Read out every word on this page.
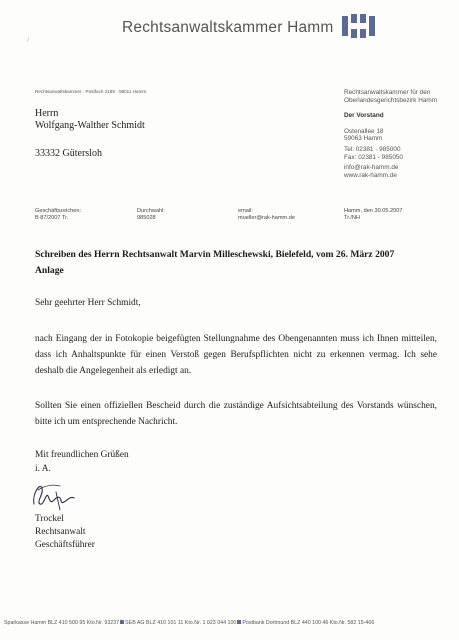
Rechtsanwaltskammer Hamm
/
Rechtsanwaltskammer · Postfach 2189 · 59011 Hamm
Herrn
Wolfgang-Walther Schmidt
33332 Gütersloh
Rechtsanwaltskammer für den
Oberlandesgerichtsbezirk Hamm
Der Vorstand
Ostenallee 18
59063 Hamm
Tel: 02381 - 985000
Fax: 02381 - 985050
info@rak-hamm.de
www.rak-hamm.de
Geschäftszeichen:
B 87/2007 Tr.
Durchwahl:
985028
email:
mueller@rak-hamm.de
Hamm, den 30.05.2007
Tr./NH
Schreiben des Herrn Rechtsanwalt Marvin Milleschewski, Bielefeld, vom 26. März 2007
Anlage
Sehr geehrter Herr Schmidt,
nach Eingang der in Fotokopie beigefügten Stellungnahme des Obengenannten muss ich Ihnen mitteilen, dass ich Anhaltspunkte für einen Verstoß gegen Berufspflichten nicht zu erkennen vermag. Ich sehe deshalb die Angelegenheit als erledigt an.
Sollten Sie einen offiziellen Bescheid durch die zuständige Aufsichtsabteilung des Vorstands wünschen, bitte ich um entsprechende Nachricht.
Mit freundlichen Grüßen
i. A.
Trockel
Rechtsanwalt
Geschäftsführer
Sparkasse Hamm BLZ 410 500 95 Kto.Nr. 93237 SEB AG BLZ 410 101 11 Kto.Nr. 1 023 044 100 Postbank Dortmund BLZ 440 100 46 Kto.Nr. 582 15-466
